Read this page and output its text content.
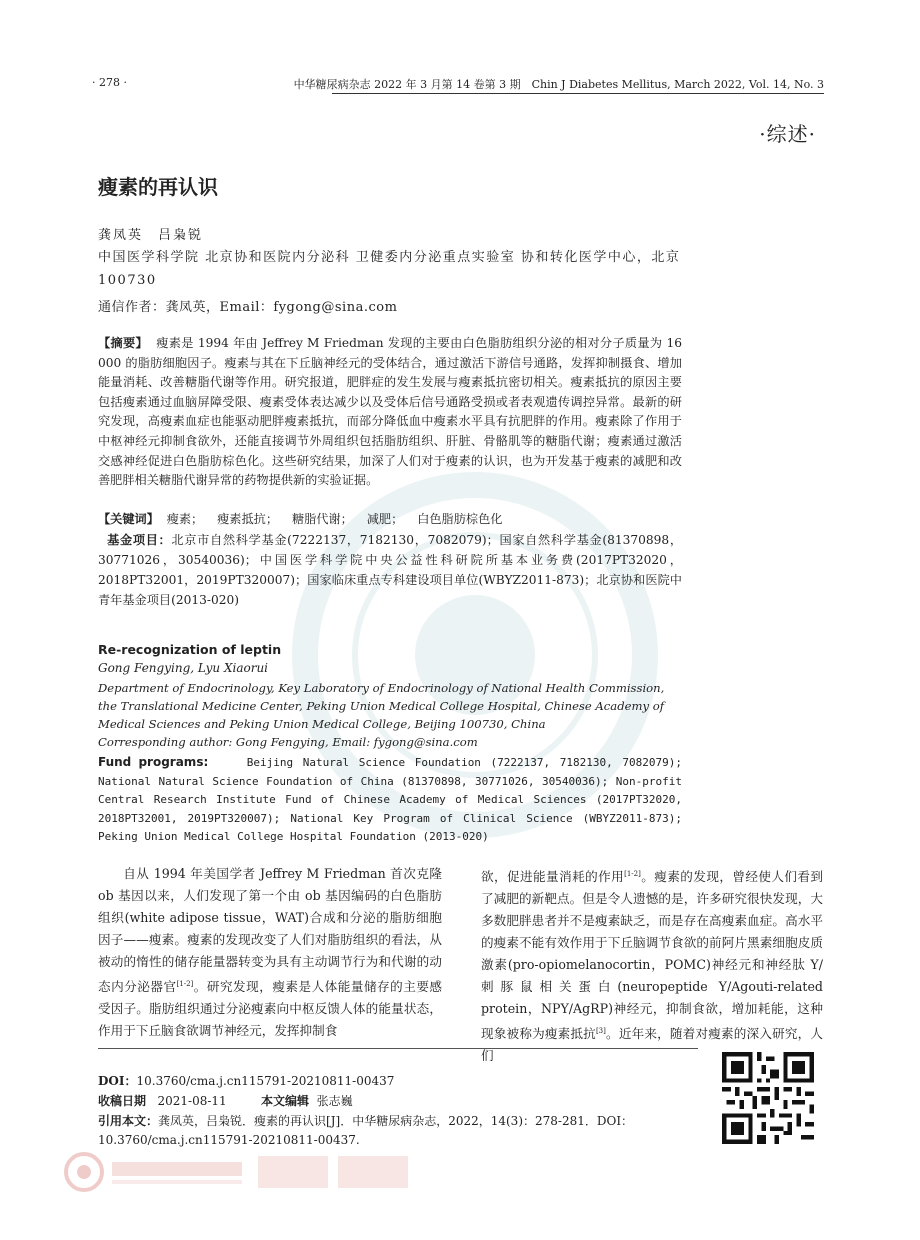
· 278 ·	中华糖尿病杂志 2022 年 3 月第 14 卷第 3 期　Chin J Diabetes Mellitus, March 2022, Vol. 14, No. 3
·综述·
瘦素的再认识
龚凤英　吕枭锐
中国医学科学院 北京协和医院内分泌科 卫健委内分泌重点实验室 协和转化医学中心，北京 100730
通信作者：龚凤英，Email：fygong@sina.com
【摘要】 瘦素是 1994 年由 Jeffrey M Friedman 发现的主要由白色脂肪组织分泌的相对分子质量为 16 000 的脂肪细胞因子。瘦素与其在下丘脑神经元的受体结合，通过激活下游信号通路，发挥抑制摄食、增加能量消耗、改善糖脂代谢等作用。研究报道，肥胖症的发生发展与瘦素抵抗密切相关。瘦素抵抗的原因主要包括瘦素通过血脑屏障受限、瘦素受体表达减少以及受体后信号通路受损或者表观遗传调控异常。最新的研究发现，高瘦素血症也能驱动肥胖瘦素抵抗，而部分降低血中瘦素水平具有抗肥胖的作用。瘦素除了作用于中枢神经元抑制食欲外，还能直接调节外周组织包括脂肪组织、肝脏、骨骼肌等的糖脂代谢；瘦素通过激活交感神经促进白色脂肪棕色化。这些研究结果，加深了人们对于瘦素的认识，也为开发基于瘦素的减肥和改善肥胖相关糖脂代谢异常的药物提供新的实验证据。
【关键词】 瘦素； 瘦素抵抗； 糖脂代谢； 减肥； 白色脂肪棕色化
基金项目：北京市自然科学基金(7222137，7182130，7082079)；国家自然科学基金(81370898，30771026，30540036)；中国医学科学院中央公益性科研院所基本业务费(2017PT32020，2018PT32001，2019PT320007)；国家临床重点专科建设项目单位(WBYZ2011-873)；北京协和医院中青年基金项目(2013-020)
Re-recognization of leptin
Gong Fengying, Lyu Xiaorui
Department of Endocrinology, Key Laboratory of Endocrinology of National Health Commission, the Translational Medicine Center, Peking Union Medical College Hospital, Chinese Academy of Medical Sciences and Peking Union Medical College, Beijing 100730, China
Corresponding author: Gong Fengying, Email: fygong@sina.com
Fund programs:	Beijing Natural Science Foundation (7222137, 7182130, 7082079); National Natural Science Foundation of China (81370898, 30771026, 30540036); Non-profit Central Research Institute Fund of Chinese Academy of Medical Sciences (2017PT32020, 2018PT32001, 2019PT320007); National Key Program of Clinical Science (WBYZ2011-873); Peking Union Medical College Hospital Foundation (2013-020)
自从 1994 年美国学者 Jeffrey M Friedman 首次克隆 ob 基因以来，人们发现了第一个由 ob 基因编码的白色脂肪组织(white adipose tissue，WAT)合成和分泌的脂肪细胞因子——瘦素。瘦素的发现改变了人们对脂肪组织的看法，从被动的惰性的储存能量器转变为具有主动调节行为和代谢的动态内分泌器官[1-2]。研究发现，瘦素是人体能量储存的主要感受因子。脂肪组织通过分泌瘦素向中枢反馈人体的能量状态，作用于下丘脑食欲调节神经元，发挥抑制食
欲，促进能量消耗的作用[1-2]。瘦素的发现，曾经使人们看到了减肥的新靶点。但是令人遗憾的是，许多研究很快发现，大多数肥胖患者并不是瘦素缺乏，而是存在高瘦素血症。高水平的瘦素不能有效作用于下丘脑调节食欲的前阿片黑素细胞皮质激素(pro-opiomelanocortin，POMC)神经元和神经肽 Y/刺豚鼠相关蛋白(neuropeptide Y/Agouti-related protein，NPY/AgRP)神经元，抑制食欲，增加耗能，这种现象被称为瘦素抵抗[3]。近年来，随着对瘦素的深入研究，人们
DOI：10.3760/cma.j.cn115791-20210811-00437
收稿日期 2021-08-11	本文编辑 张志巍
引用本文：龚凤英，吕枭锐．瘦素的再认识[J]．中华糖尿病杂志，2022，14(3)：278-281．DOI：10.3760/cma.j.cn115791-20210811-00437.
